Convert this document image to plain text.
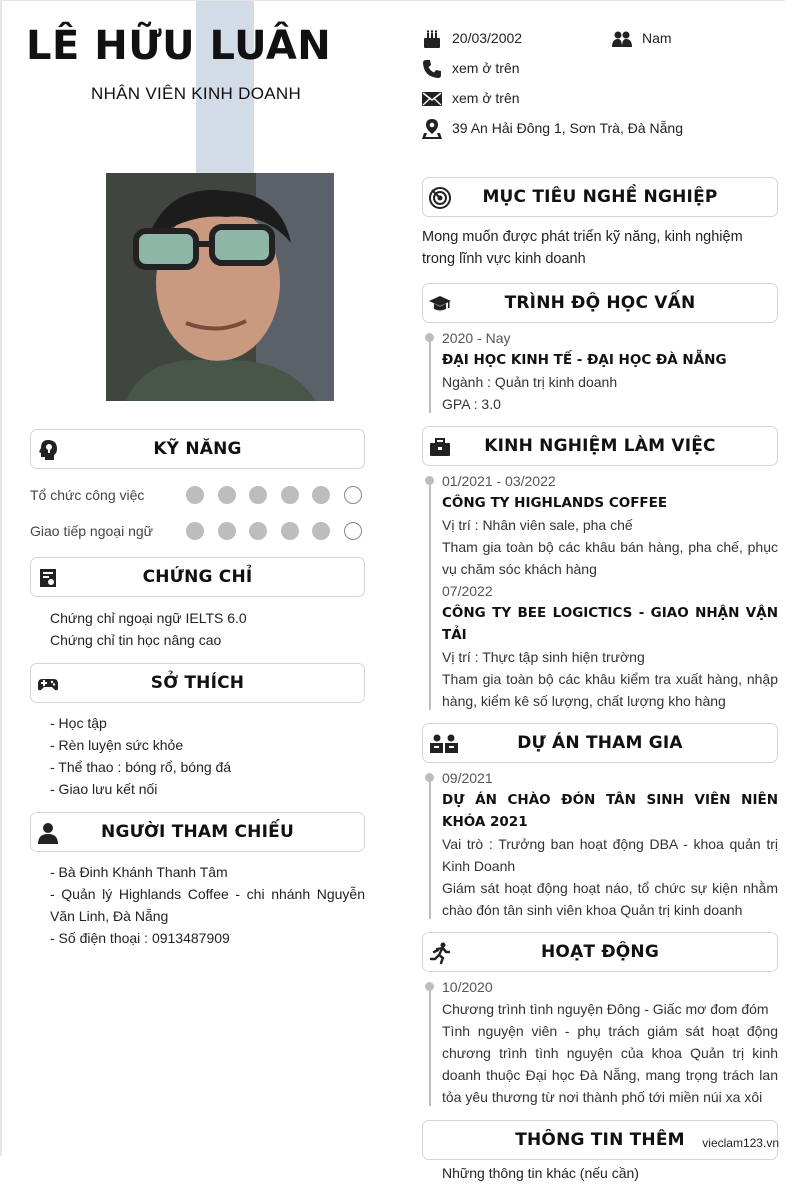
LÊ HỮU LUÂN
NHÂN VIÊN KINH DOANH
20/03/2002	Nam
xem ở trên
xem ở trên
39 An Hải Đông 1, Sơn Trà, Đà Nẵng
KỸ NĂNG
Tổ chức công việc
Giao tiếp ngoại ngữ
CHỨNG CHỈ

Chứng chỉ ngoại ngữ IELTS 6.0

Chứng chỉ tin học nâng cao

SỞ THÍCH

- Học tập

- Rèn luyện sức khỏe

- Thể thao : bóng rổ, bóng đá

- Giao lưu kết nối

NGƯỜI THAM CHIẾU

- Bà Đinh Khánh Thanh Tâm

- Quản lý Highlands Coffee - chi nhánh Nguyễn Văn Linh, Đà Nẵng

- Số điện thoại : 0913487909

MỤC TIÊU NGHỀ NGHIỆP
Mong muốn được phát triển kỹ năng, kinh nghiệm trong lĩnh vực kinh doanh
TRÌNH ĐỘ HỌC VẤN
2020 - Nay
ĐẠI HỌC KINH TẾ - ĐẠI HỌC ĐÀ NẴNG
Ngành : Quản trị kinh doanh
GPA : 3.0
KINH NGHIỆM LÀM VIỆC
01/2021 - 03/2022
CÔNG TY HIGHLANDS COFFEE
Vị trí : Nhân viên sale, pha chế
Tham gia toàn bộ các khâu bán hàng, pha chế, phục vụ chăm sóc khách hàng
07/2022
CÔNG TY BEE LOGICTICS - GIAO NHẬN VẬN TẢI
Vị trí : Thực tập sinh hiện trường
Tham gia toàn bộ các khâu kiểm tra xuất hàng, nhập hàng, kiểm kê số lượng, chất lượng kho hàng
DỰ ÁN THAM GIA
09/2021
DỰ ÁN CHÀO ĐÓN TÂN SINH VIÊN NIÊN KHÓA 2021
Vai trò : Trưởng ban hoạt động DBA - khoa quản trị Kinh Doanh
Giám sát hoạt động hoạt náo, tổ chức sự kiện nhằm chào đón tân sinh viên khoa Quản trị kinh doanh
HOẠT ĐỘNG
10/2020
Chương trình tình nguyện Đông - Giấc mơ đom đóm
Tình nguyện viên - phụ trách giám sát hoạt động chương trình tình nguyện của khoa Quản trị kinh doanh thuộc Đại học Đà Nẵng, mang trọng trách lan tỏa yêu thương từ nơi thành phố tới miền núi xa xôi
THÔNG TIN THÊM
Những thông tin khác (nếu cần)
vieclam123.vn
